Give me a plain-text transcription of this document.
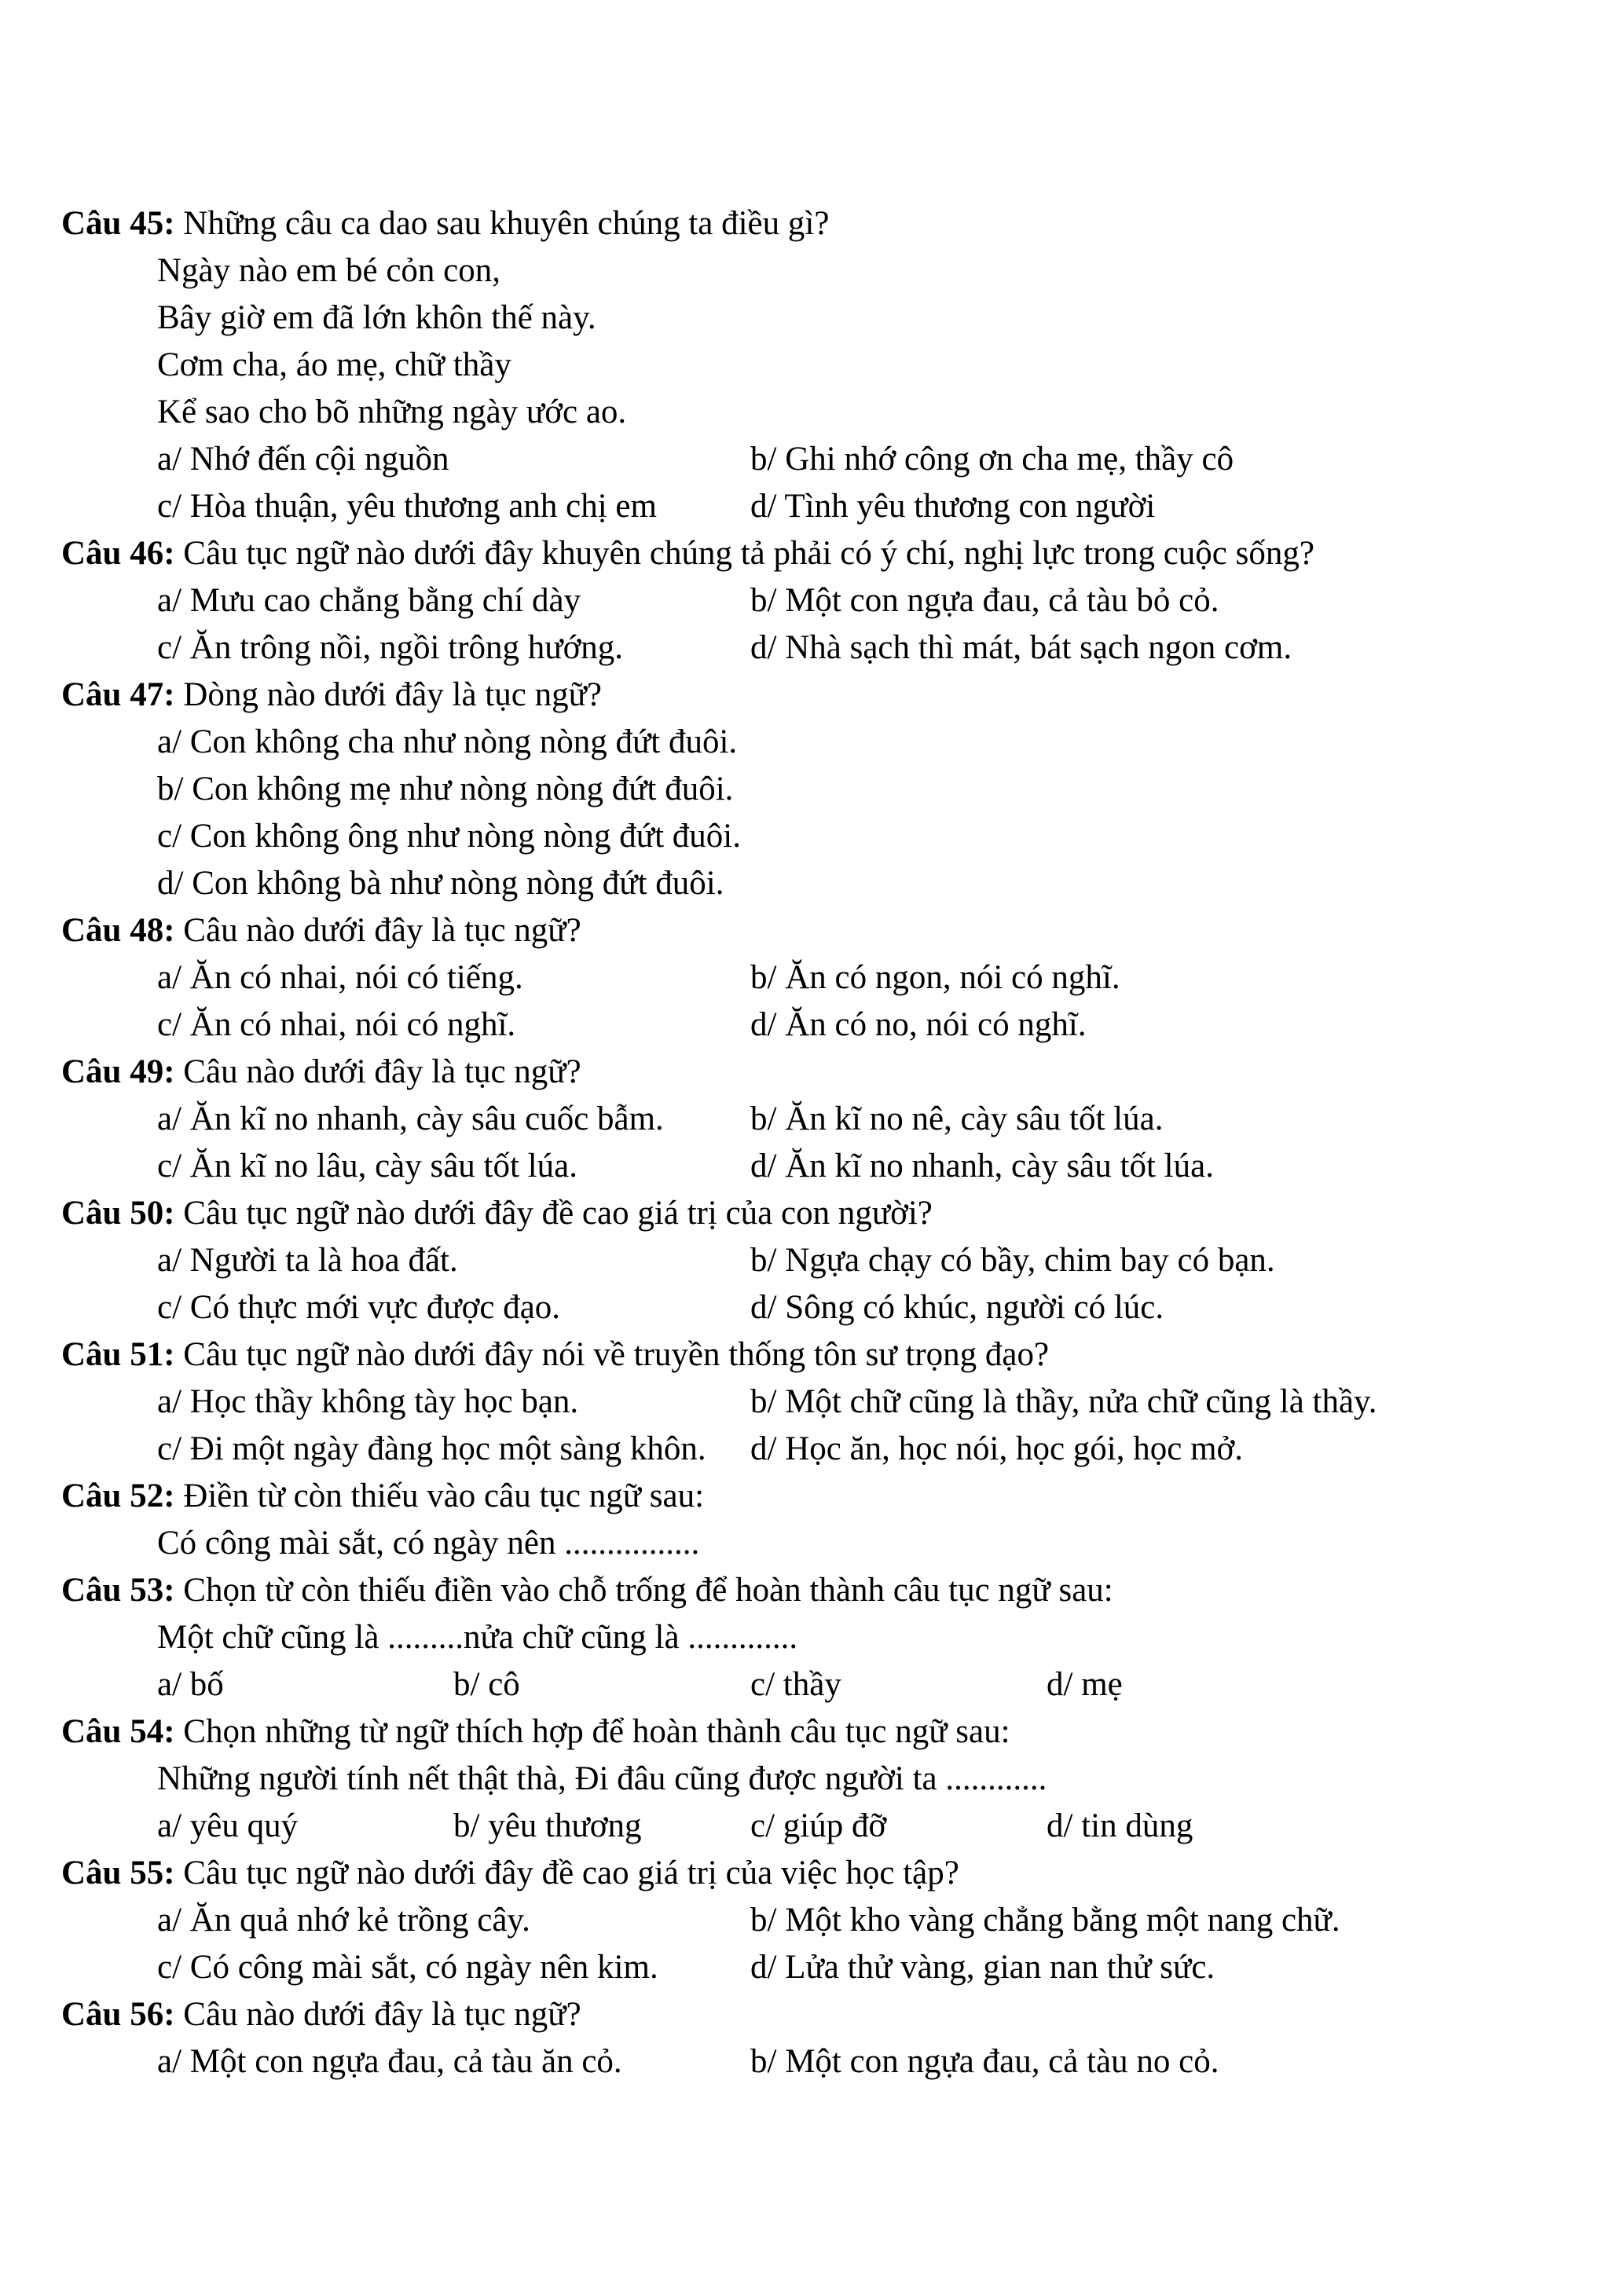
Câu 45: Những câu ca dao sau khuyên chúng ta điều gì?
Ngày nào em bé cỏn con,
Bây giờ em đã lớn khôn thế này.
Cơm cha, áo mẹ, chữ thầy
Kể sao cho bõ những ngày ước ao.
a/ Nhớ đến cội nguồn	b/ Ghi nhớ công ơn cha mẹ, thầy cô
c/ Hòa thuận, yêu thương anh chị em	d/ Tình yêu thương con người
Câu 46: Câu tục ngữ nào dưới đây khuyên chúng tả phải có ý chí, nghị lực trong cuộc sống?
a/ Mưu cao chẳng bằng chí dày	b/ Một con ngựa đau, cả tàu bỏ cỏ.
c/ Ăn trông nồi, ngồi trông hướng.	d/ Nhà sạch thì mát, bát sạch ngon cơm.
Câu 47: Dòng nào dưới đây là tục ngữ?
a/ Con không cha như nòng nòng đứt đuôi.
b/ Con không mẹ như nòng nòng đứt đuôi.
c/ Con không ông như nòng nòng đứt đuôi.
d/ Con không bà như nòng nòng đứt đuôi.
Câu 48: Câu nào dưới đây là tục ngữ?
a/ Ăn có nhai, nói có tiếng.	b/ Ăn có ngon, nói có nghĩ.
c/ Ăn có nhai, nói có nghĩ.	d/ Ăn có no, nói có nghĩ.
Câu 49: Câu nào dưới đây là tục ngữ?
a/ Ăn kĩ no nhanh, cày sâu cuốc bẫm.	b/ Ăn kĩ no nê, cày sâu tốt lúa.
c/ Ăn kĩ no lâu, cày sâu tốt lúa.	d/ Ăn kĩ no nhanh, cày sâu tốt lúa.
Câu 50: Câu tục ngữ nào dưới đây đề cao giá trị của con người?
a/ Người ta là hoa đất.	b/ Ngựa chạy có bầy, chim bay có bạn.
c/ Có thực mới vực được đạo.	d/ Sông có khúc, người có lúc.
Câu 51: Câu tục ngữ nào dưới đây nói về truyền thống tôn sư trọng đạo?
a/ Học thầy không tày học bạn.	b/ Một chữ cũng là thầy, nửa chữ cũng là thầy.
c/ Đi một ngày đàng học một sàng khôn. d/ Học ăn, học nói, học gói, học mở.
Câu 52: Điền từ còn thiếu vào câu tục ngữ sau:
Có công mài sắt, có ngày nên ................
Câu 53: Chọn từ còn thiếu điền vào chỗ trống để hoàn thành câu tục ngữ sau:
Một chữ cũng là .........nửa chữ cũng là .............
a/ bố	b/ cô	c/ thầy	d/ mẹ
Câu 54: Chọn những từ ngữ thích hợp để hoàn thành câu tục ngữ sau:
Những người tính nết thật thà, Đi đâu cũng được người ta ............
a/ yêu quý	b/ yêu thương	c/ giúp đỡ	d/ tin dùng
Câu 55: Câu tục ngữ nào dưới đây đề cao giá trị của việc học tập?
a/ Ăn quả nhớ kẻ trồng cây.	b/ Một kho vàng chẳng bằng một nang chữ.
c/ Có công mài sắt, có ngày nên kim.	d/ Lửa thử vàng, gian nan thử sức.
Câu 56: Câu nào dưới đây là tục ngữ?
a/ Một con ngựa đau, cả tàu ăn cỏ.	b/ Một con ngựa đau, cả tàu no cỏ.
